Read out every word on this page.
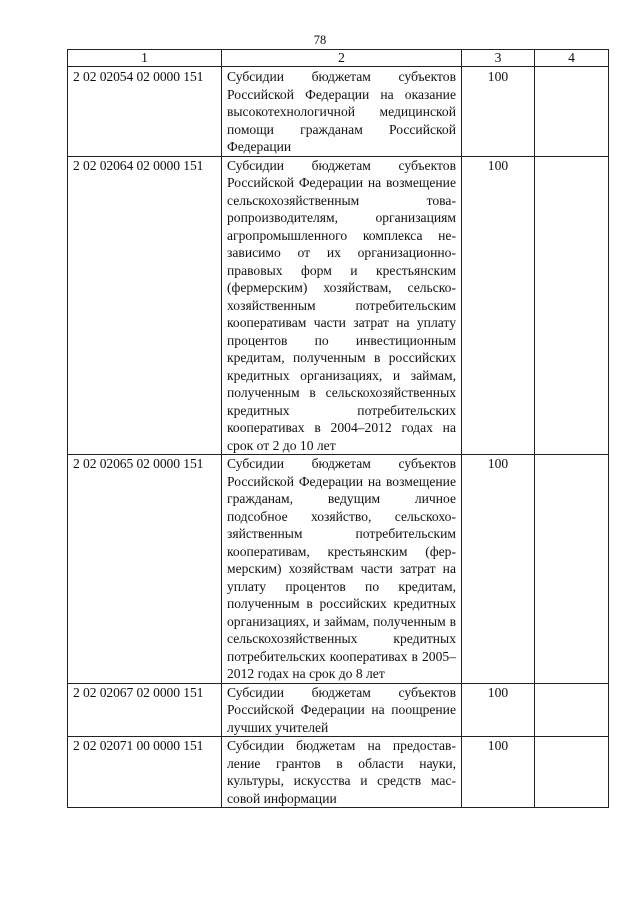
78
1	2	3	4
2 02 02054 02 0000 151	Субсидии бюджетам субъектов Российской Федерации на оказание высокотехнологичной медицинской помощи гражданам Российской Федерации	100	
2 02 02064 02 0000 151	Субсидии бюджетам субъектов Российской Федерации на возмещение сельскохозяйственным товаропроизводителям, организациям агропромышленного комплекса независимо от их организационно-правовых форм и крестьянским (фермерским) хозяйствам, сельскохозяйственным потребительским кооперативам части затрат на уплату процентов по инвестиционным кредитам, полученным в российских кредитных организациях, и займам, полученным в сельскохозяйственных кредитных потребительских кооперативах в 2004–2012 годах на срок от 2 до 10 лет	100	
2 02 02065 02 0000 151	Субсидии бюджетам субъектов Российской Федерации на возмещение гражданам, ведущим личное подсобное хозяйство, сельскохозяйственным потребительским кооперативам, крестьянским (фермерским) хозяйствам части затрат на уплату процентов по кредитам, полученным в российских кредитных организациях, и займам, полученным в сельскохозяйственных кредитных потребительских кооперативах в 2005–2012 годах на срок до 8 лет	100	
2 02 02067 02 0000 151	Субсидии бюджетам субъектов Российской Федерации на поощрение лучших учителей	100	
2 02 02071 00 0000 151	Субсидии бюджетам на предоставление грантов в области науки, культуры, искусства и средств массовой информации	100	
